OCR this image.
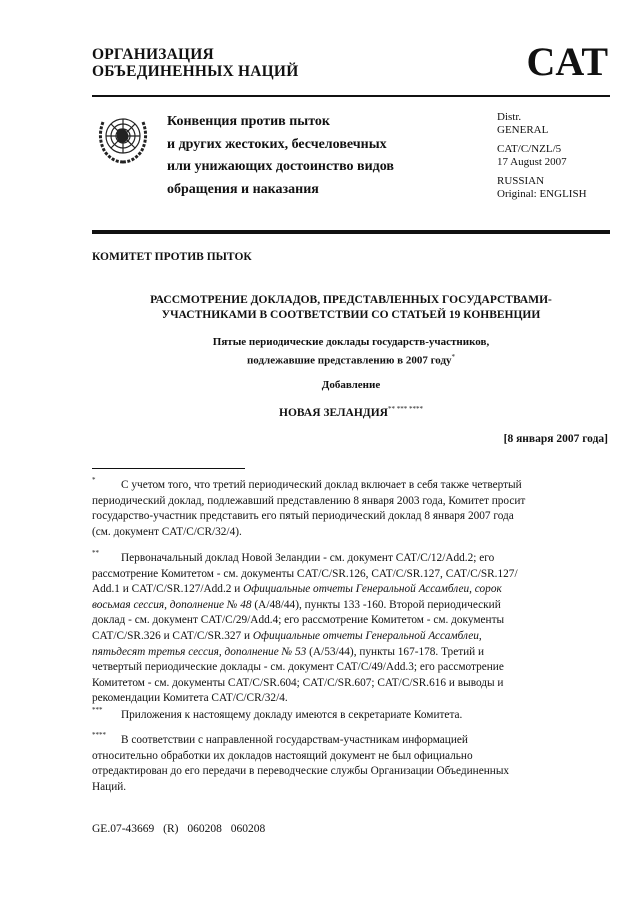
ОРГАНИЗАЦИЯ
ОБЪЕДИНЕННЫХ НАЦИЙ	CAT
Конвенция против пыток
и других жестоких, бесчеловечных
или унижающих достоинство видов
обращения и наказания

Distr.
GENERAL

CAT/C/NZL/5
17 August 2007

RUSSIAN
Original: ENGLISH

КОМИТЕТ ПРОТИВ ПЫТОК
РАССМОТРЕНИЕ ДОКЛАДОВ, ПРЕДСТАВЛЕННЫХ ГОСУДАРСТВАМИ-
УЧАСТНИКАМИ В СООТВЕТСТВИИ СО СТАТЬЕЙ 19 КОНВЕНЦИИ
Пятые периодические доклады государств-участников,
подлежавшие представлению в 2007 году*
Добавление
НОВАЯ ЗЕЛАНДИЯ** *** ****
[8 января 2007 года]
* С учетом того, что третий периодический доклад включает в себя также четвертый
периодический доклад, подлежавший представлению 8 января 2003 года, Комитет просит
государство-участник представить его пятый периодический доклад 8 января 2007 года
(см. документ CAT/C/CR/32/4).
** Первоначальный доклад Новой Зеландии - см. документ CAT/C/12/Add.2; его
рассмотрение Комитетом - см. документы CAT/C/SR.126, CAT/C/SR.127, CAT/C/SR.127/
Add.1 и CAT/C/SR.127/Add.2 и Официальные отчеты Генеральной Ассамблеи, сорок
восьмая сессия, дополнение № 48 (A/48/44), пункты 133 -160. Второй периодический
доклад - см. документ CAT/C/29/Add.4; его рассмотрение Комитетом - см. документы
CAT/C/SR.326 и CAT/C/SR.327 и Официальные отчеты Генеральной Ассамблеи,
пятьдесят третья сессия, дополнение № 53 (A/53/44), пункты 167-178. Третий и
четвертый периодические доклады - см. документ CAT/C/49/Add.3; его рассмотрение
Комитетом - см. документы CAT/C/SR.604; CAT/C/SR.607; CAT/C/SR.616 и выводы и
рекомендации Комитета CAT/C/CR/32/4.
*** Приложения к настоящему докладу имеются в секретариате Комитета.
**** В соответствии с направленной государствам-участникам информацией
относительно обработки их докладов настоящий документ не был официально
отредактирован до его передачи в переводческие службы Организации Объединенных
Наций.
GE.07-43669 (R) 060208 060208
